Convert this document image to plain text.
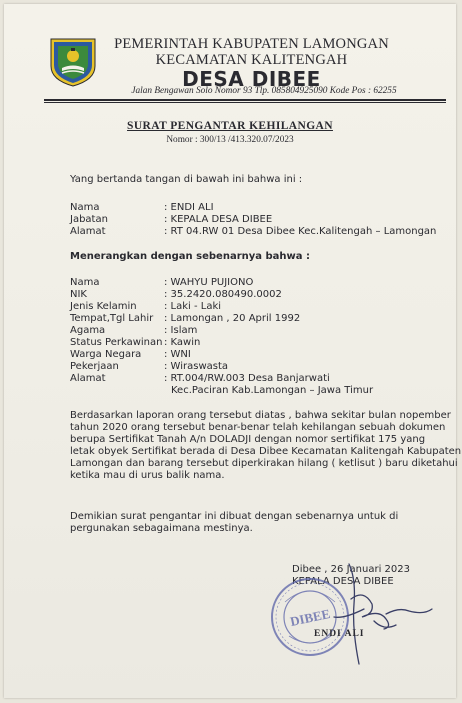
PEMERINTAH KABUPATEN LAMONGAN
KECAMATAN KALITENGAH
DESA DIBEE
Jalan Bengawan Solo Nomor 93 Tlp. 085804925090 Kode Pos : 62255
SURAT PENGANTAR KEHILANGAN
Nomor : 300/13 /413.320.07/2023
Yang bertanda tangan di bawah ini bahwa ini :
Nama	: ENDI ALI
Jabatan	: KEPALA DESA DIBEE
Alamat	: RT 04.RW 01 Desa Dibee Kec.Kalitengah – Lamongan
Menerangkan dengan sebenarnya bahwa :
Nama	: WAHYU PUJIONO
NIK	: 35.2420.080490.0002
Jenis Kelamin	: Laki - Laki
Tempat,Tgl Lahir : Lamongan , 20 April 1992
Agama	: Islam
Status Perkawinan : Kawin
Warga Negara : WNI
Pekerjaan	: Wiraswasta
Alamat	: RT.004/RW.003 Desa Banjarwati
Kec.Paciran Kab.Lamongan – Jawa Timur
Berdasarkan laporan orang tersebut diatas , bahwa sekitar bulan nopember
tahun 2020 orang tersebut benar-benar telah kehilangan sebuah dokumen
berupa Sertifikat Tanah A/n DOLADJI dengan nomor sertifikat 175 yang
letak obyek Sertifikat berada di Desa Dibee Kecamatan Kalitengah Kabupaten
Lamongan dan barang tersebut diperkirakan hilang ( ketlisut ) baru diketahui
ketika mau di urus balik nama.
Demikian surat pengantar ini dibuat dengan sebenarnya untuk di
pergunakan sebagaimana mestinya.
Dibee , 26 Januari 2023
KEPALA DESA DIBEE
DIBEE
ENDI ALI
